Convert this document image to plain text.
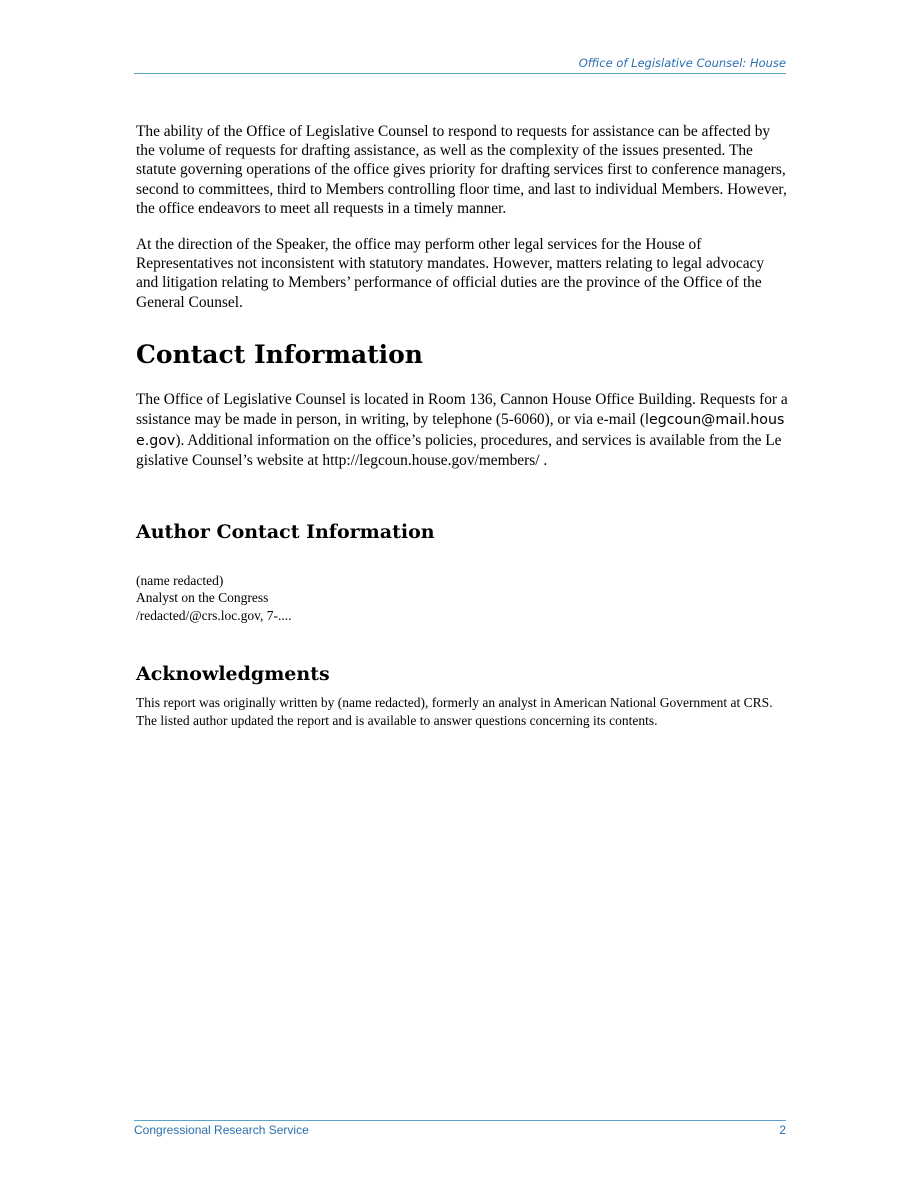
Office of Legislative Counsel: House

The ability of the Office of Legislative Counsel to respond to requests for assistance can be affected by the volume of requests for drafting assistance, as well as the complexity of the issues presented. The statute governing operations of the office gives priority for drafting services first to conference managers, second to committees, third to Members controlling floor time, and last to individual Members. However, the office endeavors to meet all requests in a timely manner.

At the direction of the Speaker, the office may perform other legal services for the House of Representatives not inconsistent with statutory mandates. However, matters relating to legal advocacy and litigation relating to Members’ performance of official duties are the province of the Office of the General Counsel.

Contact Information

The Office of Legislative Counsel is located in Room 136, Cannon House Office Building. Requests for assistance may be made in person, in writing, by telephone (5-6060), or via e-mail (legcoun@mail.house.gov). Additional information on the office’s policies, procedures, and services is available from the Legislative Counsel’s website at http://legcoun.house.gov/members/ .

Author Contact Information
(name redacted)
Analyst on the Congress
/redacted/@crs.loc.gov, 7-....
Acknowledgments
This report was originally written by (name redacted), formerly an analyst in American National Government at CRS. The listed author updated the report and is available to answer questions concerning its contents.
Congressional Research Service	2
